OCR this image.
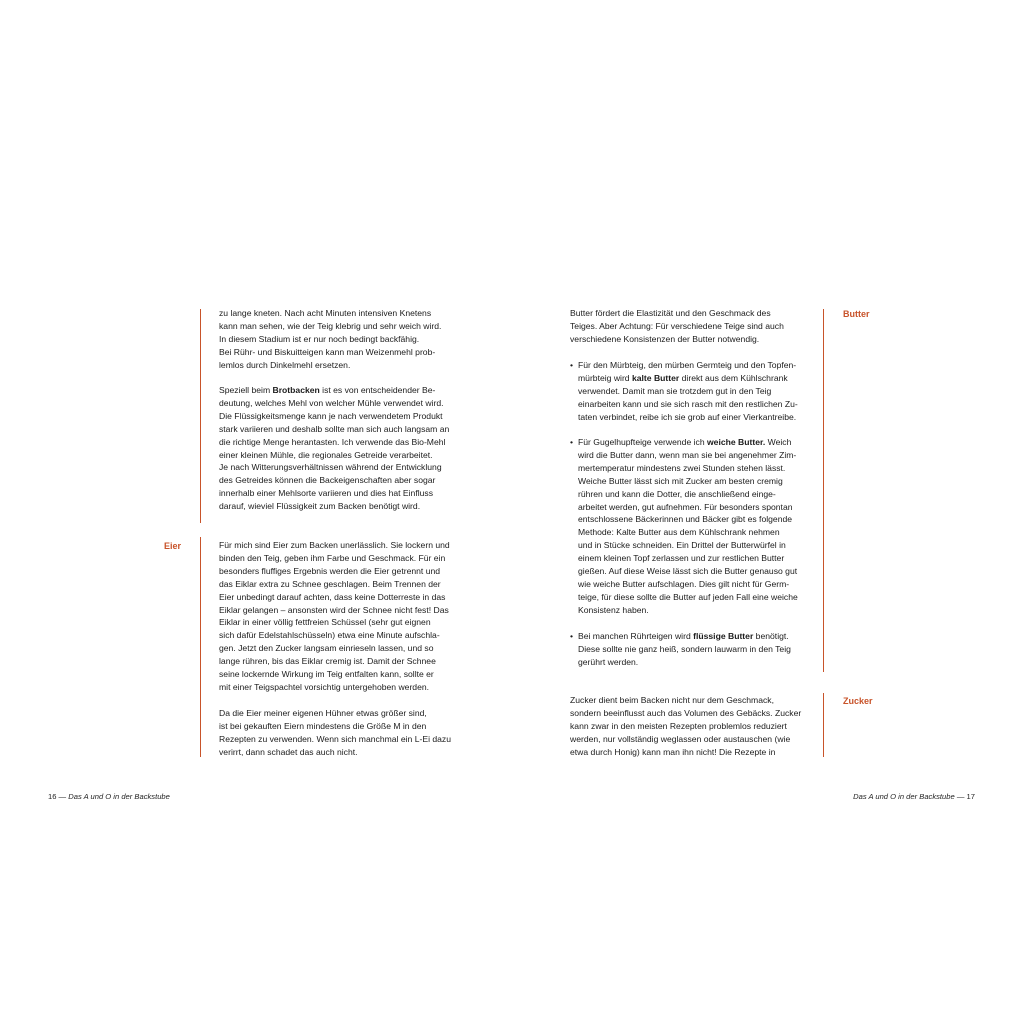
zu lange kneten. Nach acht Minuten intensiven Knetens
kann man sehen, wie der Teig klebrig und sehr weich wird.
In diesem Stadium ist er nur noch bedingt backfähig.
Bei Rühr- und Biskuitteigen kann man Weizenmehl prob-
lemlos durch Dinkelmehl ersetzen.
Speziell beim Brotbacken ist es von entscheidender Be-
deutung, welches Mehl von welcher Mühle verwendet wird.
Die Flüssigkeitsmenge kann je nach verwendetem Produkt
stark variieren und deshalb sollte man sich auch langsam an
die richtige Menge herantasten. Ich verwende das Bio-Mehl
einer kleinen Mühle, die regionales Getreide verarbeitet.
Je nach Witterungsverhältnissen während der Entwicklung
des Getreides können die Backeigenschaften aber sogar
innerhalb einer Mehlsorte variieren und dies hat Einfluss
darauf, wieviel Flüssigkeit zum Backen benötigt wird.
Eier	Für mich sind Eier zum Backen unerlässlich. Sie lockern und
binden den Teig, geben ihm Farbe und Geschmack. Für ein
besonders fluffiges Ergebnis werden die Eier getrennt und
das Eiklar extra zu Schnee geschlagen. Beim Trennen der
Eier unbedingt darauf achten, dass keine Dotterreste in das
Eiklar gelangen – ansonsten wird der Schnee nicht fest! Das
Eiklar in einer völlig fettfreien Schüssel (sehr gut eignen
sich dafür Edelstahlschüsseln) etwa eine Minute aufschla-
gen. Jetzt den Zucker langsam einrieseln lassen, und so
lange rühren, bis das Eiklar cremig ist. Damit der Schnee
seine lockernde Wirkung im Teig entfalten kann, sollte er
mit einer Teigspachtel vorsichtig untergehoben werden.
Da die Eier meiner eigenen Hühner etwas größer sind,
ist bei gekauften Eiern mindestens die Größe M in den
Rezepten zu verwenden. Wenn sich manchmal ein L-Ei dazu
verirrt, dann schadet das auch nicht.
16 — Das A und O in der Backstube
Butter
Butter fördert die Elastizität und den Geschmack des
Teiges. Aber Achtung: Für verschiedene Teige sind auch
verschiedene Konsistenzen der Butter notwendig.
• Für den Mürbteig, den mürben Germteig und den Topfen-
mürbteig wird kalte Butter direkt aus dem Kühlschrank
verwendet. Damit man sie trotzdem gut in den Teig
einarbeiten kann und sie sich rasch mit den restlichen Zu-
taten verbindet, reibe ich sie grob auf einer Vierkantreibe.
• Für Gugelhupfteige verwende ich weiche Butter. Weich
wird die Butter dann, wenn man sie bei angenehmer Zim-
mertemperatur mindestens zwei Stunden stehen lässt.
Weiche Butter lässt sich mit Zucker am besten cremig
rühren und kann die Dotter, die anschließend einge-
arbeitet werden, gut aufnehmen. Für besonders spontan
entschlossene Bäckerinnen und Bäcker gibt es folgende
Methode: Kalte Butter aus dem Kühlschrank nehmen
und in Stücke schneiden. Ein Drittel der Butterwürfel in
einem kleinen Topf zerlassen und zur restlichen Butter
gießen. Auf diese Weise lässt sich die Butter genauso gut
wie weiche Butter aufschlagen. Dies gilt nicht für Germ-
teige, für diese sollte die Butter auf jeden Fall eine weiche
Konsistenz haben.
• Bei manchen Rührteigen wird flüssige Butter benötigt.
Diese sollte nie ganz heiß, sondern lauwarm in den Teig
gerührt werden.
Zucker
Zucker dient beim Backen nicht nur dem Geschmack,
sondern beeinflusst auch das Volumen des Gebäcks. Zucker
kann zwar in den meisten Rezepten problemlos reduziert
werden, nur vollständig weglassen oder austauschen (wie
etwa durch Honig) kann man ihn nicht! Die Rezepte in
Das A und O in der Backstube — 17
